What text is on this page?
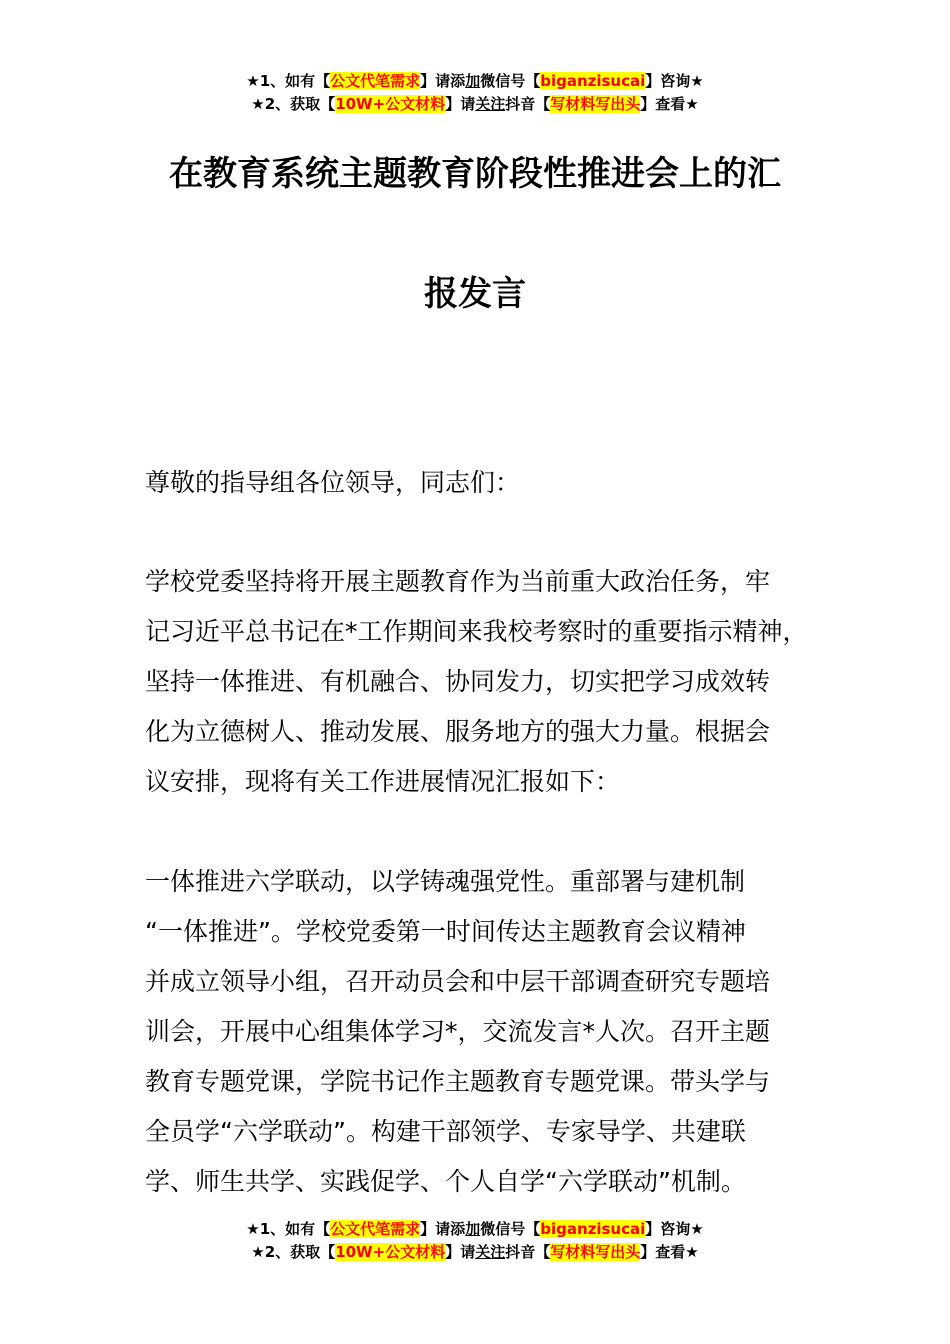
★1、如有【公文代笔需求】请添加微信号【biganzisucai】咨询★
★2、获取【10W+公文材料】请关注抖音【写材料写出头】查看★
在教育系统主题教育阶段性推进会上的汇
报发言
尊敬的指导组各位领导，同志们：
学校党委坚持将开展主题教育作为当前重大政治任务，牢
记习近平总书记在*工作期间来我校考察时的重要指示精神，
坚持一体推进、有机融合、协同发力，切实把学习成效转
化为立德树人、推动发展、服务地方的强大力量。根据会
议安排，现将有关工作进展情况汇报如下：
一体推进六学联动，以学铸魂强党性。重部署与建机制
“一体推进”。学校党委第一时间传达主题教育会议精神
并成立领导小组，召开动员会和中层干部调查研究专题培
训会，开展中心组集体学习*，交流发言*人次。召开主题
教育专题党课，学院书记作主题教育专题党课。带头学与
全员学“六学联动”。构建干部领学、专家导学、共建联
学、师生共学、实践促学、个人自学“六学联动”机制。
★1、如有【公文代笔需求】请添加微信号【biganzisucai】咨询★
★2、获取【10W+公文材料】请关注抖音【写材料写出头】查看★
